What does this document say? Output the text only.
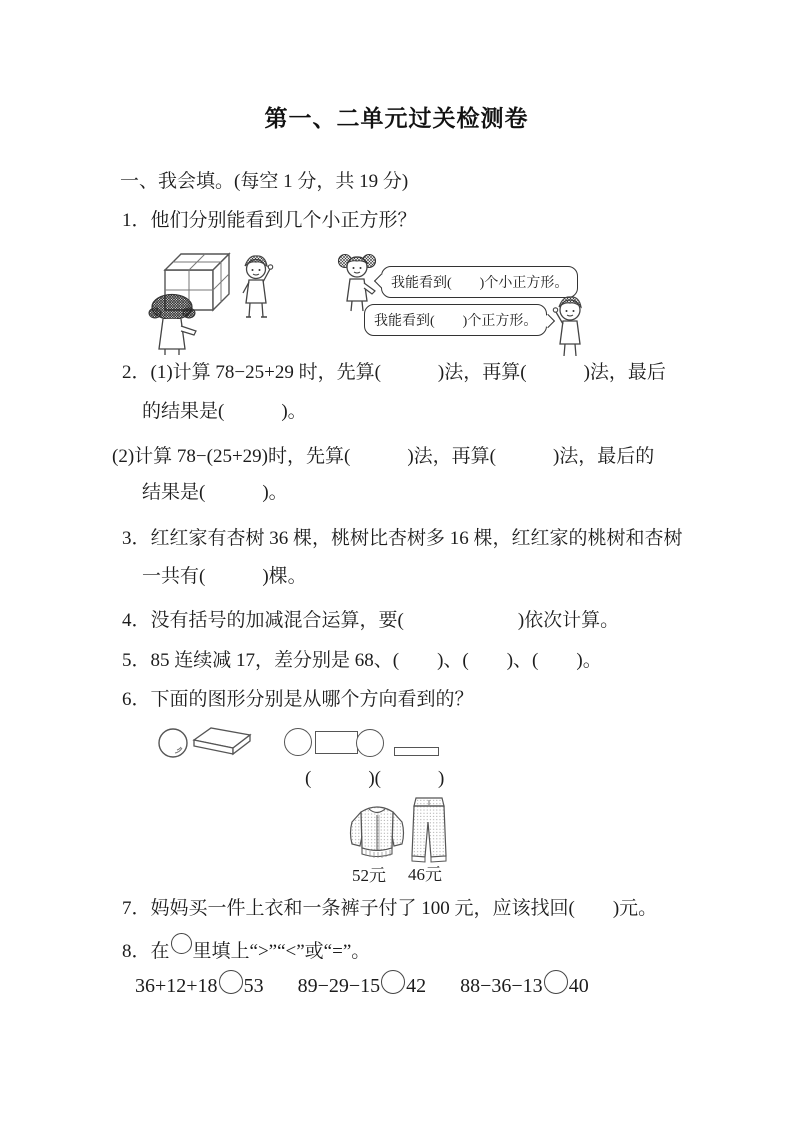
第一、二单元过关检测卷
一、我会填。(每空 1 分，共 19 分)
1．他们分别能看到几个小正方形？
我能看到(　　)个小正方形。
我能看到(　　)个正方形。
2．(1)计算 78−25+29 时，先算(　　　)法，再算(　　　)法，最后
的结果是(　　　)。
(2)计算 78−(25+29)时，先算(　　　)法，再算(　　　)法，最后的
结果是(　　　)。
3．红红家有杏树 36 棵，桃树比杏树多 16 棵，红红家的桃树和杏树
一共有(　　　)棵。
4．没有括号的加减混合运算，要(　　　　　　)依次计算。
5．85 连续减 17，差分别是 68、(　　)、(　　)、(　　)。
6．下面的图形分别是从哪个方向看到的？
(　　　)(　　　)
52元 46元
7．妈妈买一件上衣和一条裤子付了 100 元，应该找回(　　)元。
8．在 里填上“>”“<”或“=”。
36+12+18 53 89−29−15 42 88−36−13 40
